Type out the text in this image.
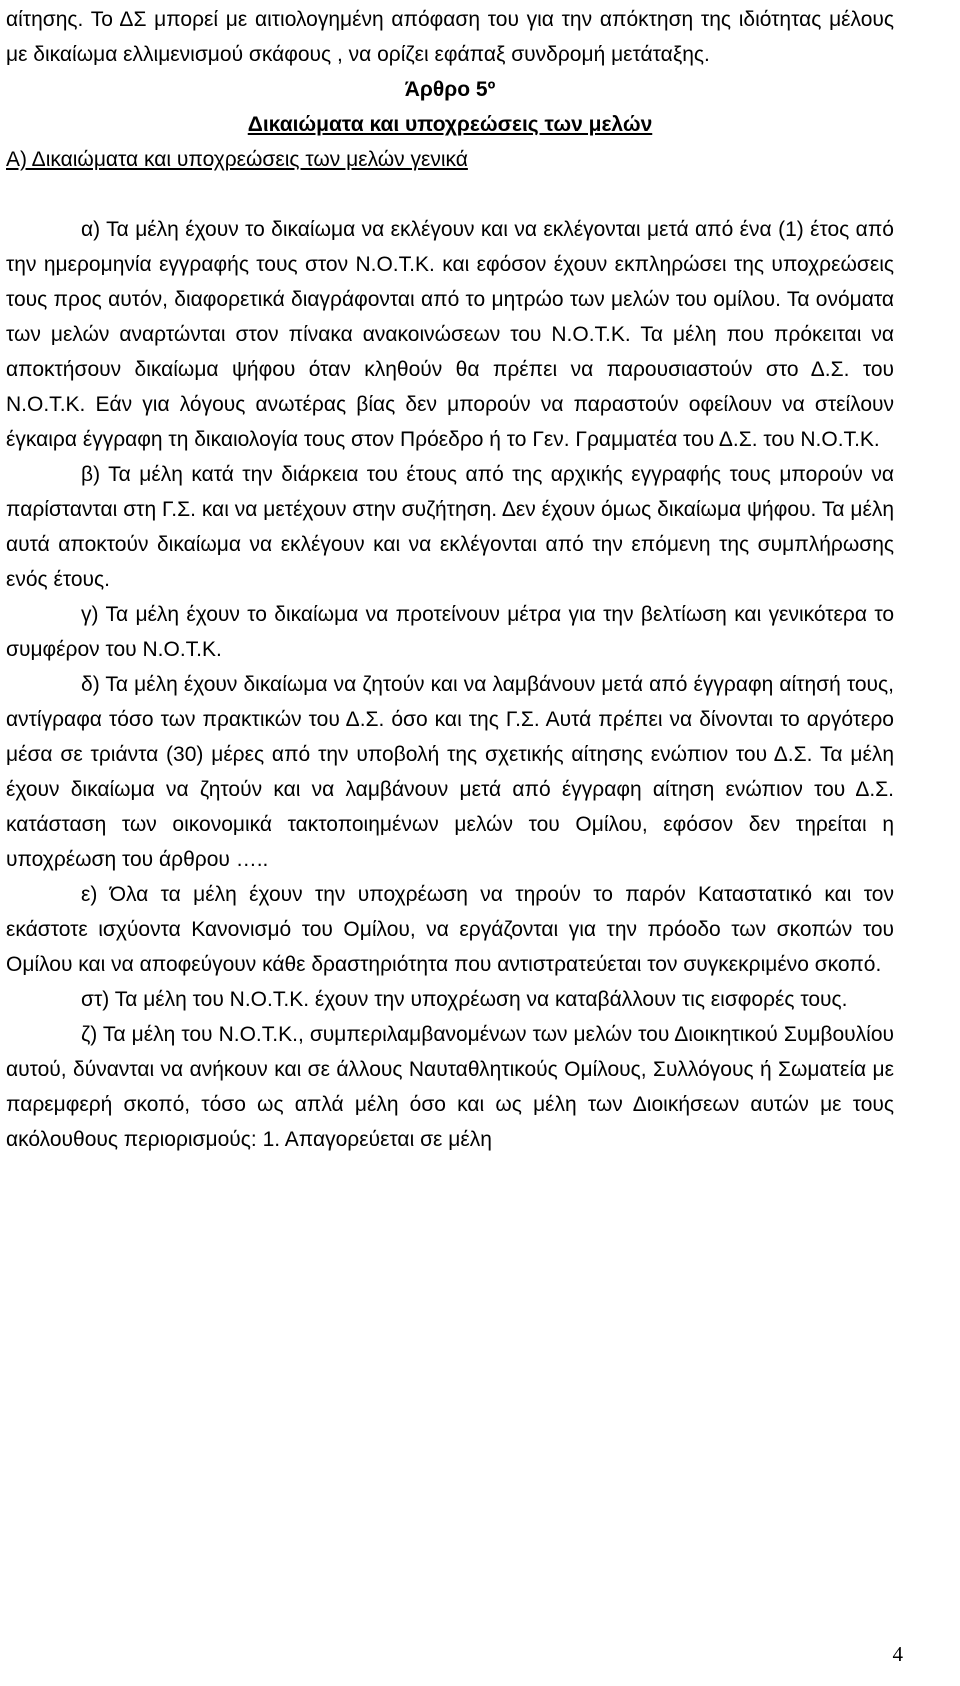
αίτησης. Το ΔΣ μπορεί με αιτιολογημένη απόφαση του για την απόκτηση της ιδιότητας μέλους με δικαίωμα ελλιμενισμού σκάφους , να ορίζει εφάπαξ συνδρομή μετάταξης.

Άρθρο 5º

Δικαιώματα και υποχρεώσεις των μελών

Α) Δικαιώματα και υποχρεώσεις των μελών γενικά

α) Τα μέλη έχουν το δικαίωμα να εκλέγουν και να εκλέγονται μετά από ένα (1) έτος από την ημερομηνία εγγραφής τους στον Ν.Ο.Τ.Κ. και εφόσον έχουν εκπληρώσει της υποχρεώσεις τους προς αυτόν, διαφορετικά διαγράφονται από το μητρώο των μελών του ομίλου. Τα ονόματα των μελών αναρτώνται στον πίνακα ανακοινώσεων του Ν.Ο.Τ.Κ. Τα μέλη που πρόκειται να αποκτήσουν δικαίωμα ψήφου όταν κληθούν θα πρέπει να παρουσιαστούν στο Δ.Σ. του Ν.Ο.Τ.Κ. Εάν για λόγους ανωτέρας βίας δεν μπορούν να παραστούν οφείλουν να στείλουν έγκαιρα έγγραφη τη δικαιολογία τους στον Πρόεδρο ή το Γεν. Γραμματέα του Δ.Σ. του Ν.Ο.Τ.Κ.

β) Τα μέλη κατά την διάρκεια του έτους από της αρχικής εγγραφής τους μπορούν να παρίστανται στη Γ.Σ. και να μετέχουν στην συζήτηση. Δεν έχουν όμως δικαίωμα ψήφου. Τα μέλη αυτά αποκτούν δικαίωμα να εκλέγουν και να εκλέγονται από την επόμενη της συμπλήρωσης ενός έτους.

γ) Τα μέλη έχουν το δικαίωμα να προτείνουν μέτρα για την βελτίωση και γενικότερα το συμφέρον του Ν.Ο.Τ.Κ.

δ) Τα μέλη έχουν δικαίωμα να ζητούν και να λαμβάνουν μετά από έγγραφη αίτησή τους, αντίγραφα τόσο των πρακτικών του Δ.Σ. όσο και της Γ.Σ. Αυτά πρέπει να δίνονται το αργότερο μέσα σε τριάντα (30) μέρες από την υποβολή της σχετικής αίτησης ενώπιον του Δ.Σ. Τα μέλη έχουν δικαίωμα να ζητούν και να λαμβάνουν μετά από έγγραφη αίτηση ενώπιον του Δ.Σ. κατάσταση των οικονομικά τακτοποιημένων μελών του Ομίλου, εφόσον δεν τηρείται η υποχρέωση του άρθρου …..

ε) Όλα τα μέλη έχουν την υποχρέωση να τηρούν το παρόν Καταστατικό και τον εκάστοτε ισχύοντα Κανονισμό του Ομίλου, να εργάζονται για την πρόοδο των σκοπών του Ομίλου και να αποφεύγουν κάθε δραστηριότητα που αντιστρατεύεται τον συγκεκριμένο σκοπό.

στ) Τα μέλη του Ν.Ο.Τ.Κ. έχουν την υποχρέωση να καταβάλλουν τις εισφορές τους.

ζ) Τα μέλη του Ν.Ο.Τ.Κ., συμπεριλαμβανομένων των μελών του Διοικητικού Συμβουλίου αυτού, δύνανται να ανήκουν και σε άλλους Ναυταθλητικούς Ομίλους, Συλλόγους ή Σωματεία με παρεμφερή σκοπό, τόσο ως απλά μέλη όσο και ως μέλη των Διοικήσεων αυτών με τους ακόλουθους περιορισμούς: 1. Απαγορεύεται σε μέλη

4
